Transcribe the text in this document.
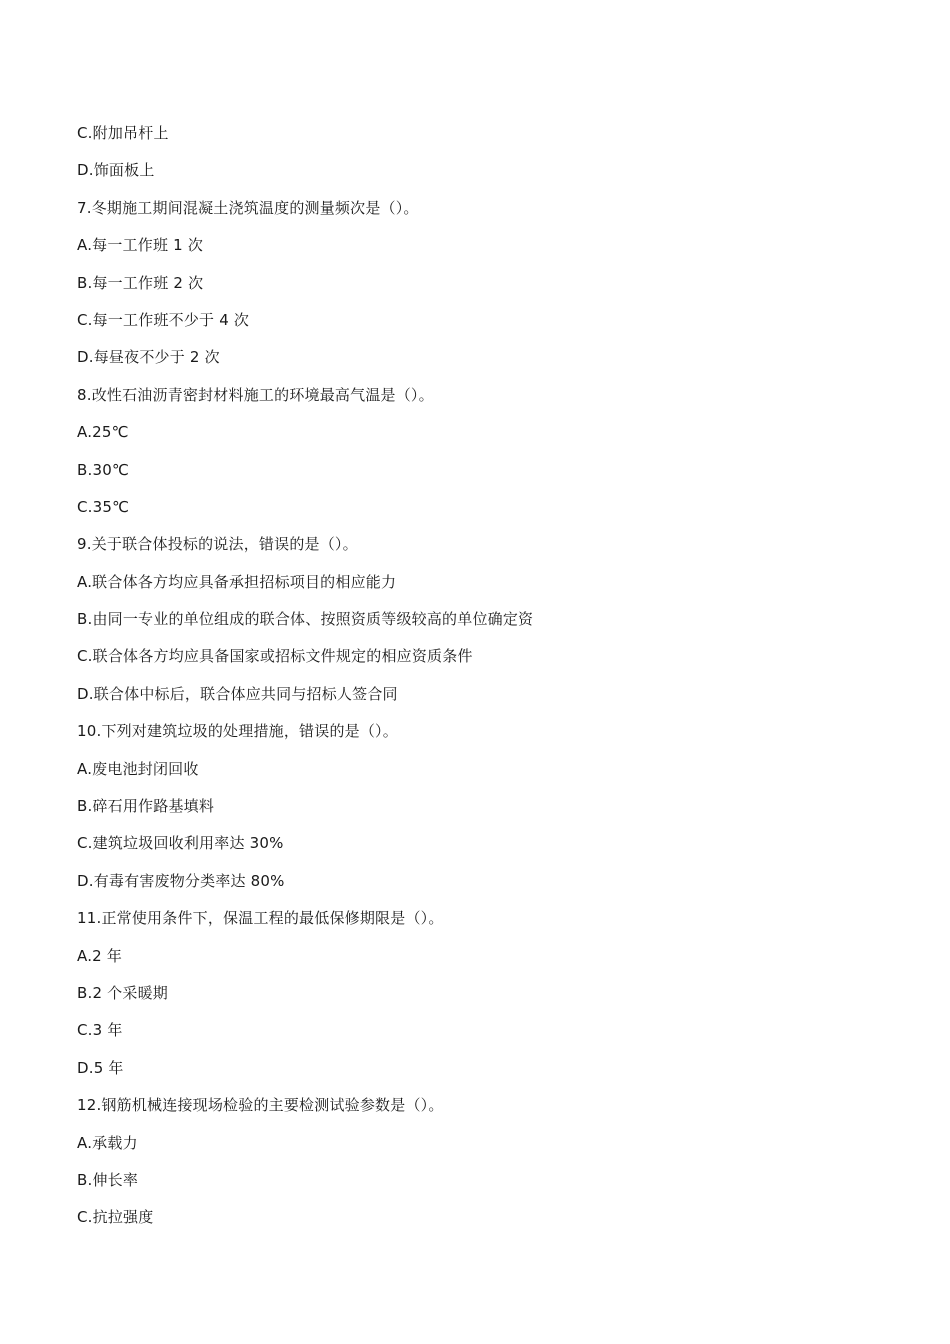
C.附加吊杆上
D.饰面板上
7.冬期施工期间混凝土浇筑温度的测量频次是（）。
A.每一工作班 1 次
B.每一工作班 2 次
C.每一工作班不少于 4 次
D.每昼夜不少于 2 次
8.改性石油沥青密封材料施工的环境最高气温是（）。
A.25℃
B.30℃
C.35℃
9.关于联合体投标的说法，错误的是（）。
A.联合体各方均应具备承担招标项目的相应能力
B.由同一专业的单位组成的联合体、按照资质等级较高的单位确定资
C.联合体各方均应具备国家或招标文件规定的相应资质条件
D.联合体中标后，联合体应共同与招标人签合同
10.下列对建筑垃圾的处理措施，错误的是（）。
A.废电池封闭回收
B.碎石用作路基填料
C.建筑垃圾回收利用率达 30%
D.有毒有害废物分类率达 80%
11.正常使用条件下，保温工程的最低保修期限是（）。
A.2 年
B.2 个采暖期
C.3 年
D.5 年
12.钢筋机械连接现场检验的主要检测试验参数是（）。
A.承载力
B.伸长率
C.抗拉强度
